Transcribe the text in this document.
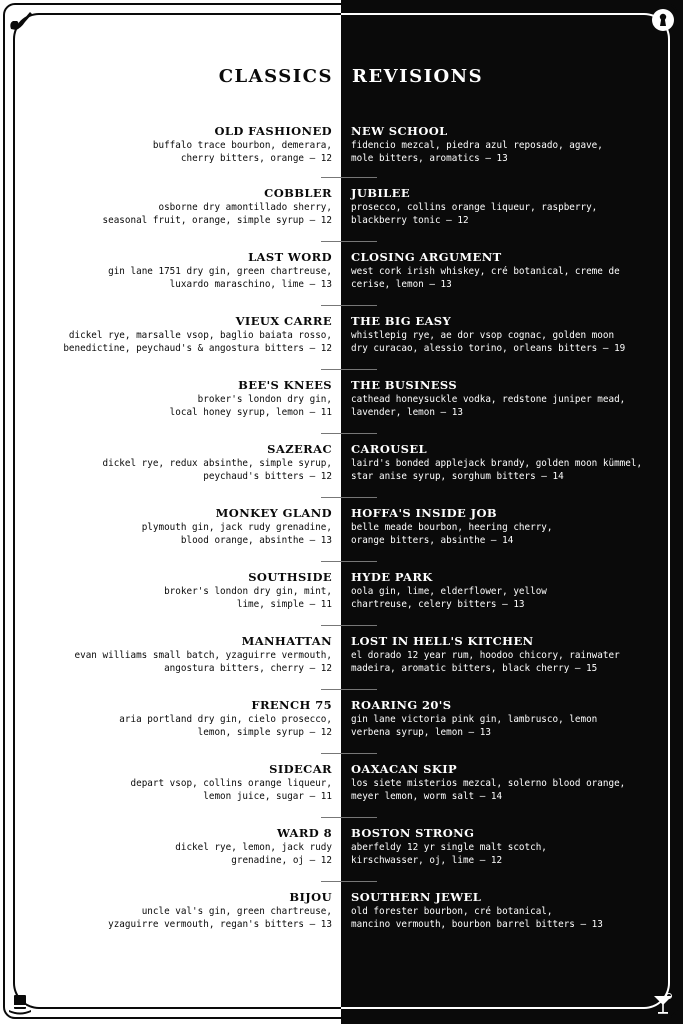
CLASSICS REVISIONS
OLD FASHIONED
buffalo trace bourbon, demerara,
cherry bitters, orange – 12
COBBLER
osborne dry amontillado sherry,
seasonal fruit, orange, simple syrup – 12
LAST WORD
gin lane 1751 dry gin, green chartreuse,
luxardo maraschino, lime – 13
VIEUX CARRE
dickel rye, marsalle vsop, baglio baiata rosso,
benedictine, peychaud's & angostura bitters – 12
BEE'S KNEES
broker's london dry gin,
local honey syrup, lemon – 11
SAZERAC
dickel rye, redux absinthe, simple syrup,
peychaud's bitters – 12
MONKEY GLAND
plymouth gin, jack rudy grenadine,
blood orange, absinthe – 13
SOUTHSIDE
broker's london dry gin, mint,
lime, simple – 11
MANHATTAN
evan williams small batch, yzaguirre vermouth,
angostura bitters, cherry – 12
FRENCH 75
aria portland dry gin, cielo prosecco,
lemon, simple syrup – 12
SIDECAR
depart vsop, collins orange liqueur,
lemon juice, sugar – 11
WARD 8
dickel rye, lemon, jack rudy
grenadine, oj – 12
BIJOU
uncle val's gin, green chartreuse,
yzaguirre vermouth, regan's bitters – 13
NEW SCHOOL
fidencio mezcal, piedra azul reposado, agave,
mole bitters, aromatics – 13
JUBILEE
prosecco, collins orange liqueur, raspberry,
blackberry tonic – 12
CLOSING ARGUMENT
west cork irish whiskey, cré botanical, creme de
cerise, lemon – 13
THE BIG EASY
whistlepig rye, ae dor vsop cognac, golden moon
dry curacao, alessio torino, orleans bitters – 19
THE BUSINESS
cathead honeysuckle vodka, redstone juniper mead,
lavender, lemon – 13
CAROUSEL
laird's bonded applejack brandy, golden moon kümmel,
star anise syrup, sorghum bitters – 14
HOFFA'S INSIDE JOB
belle meade bourbon, heering cherry,
orange bitters, absinthe – 14
HYDE PARK
oola gin, lime, elderflower, yellow
chartreuse, celery bitters – 13
LOST IN HELL'S KITCHEN
el dorado 12 year rum, hoodoo chicory, rainwater
madeira, aromatic bitters, black cherry – 15
ROARING 20'S
gin lane victoria pink gin, lambrusco, lemon
verbena syrup, lemon – 13
OAXACAN SKIP
los siete misterios mezcal, solerno blood orange,
meyer lemon, worm salt – 14
BOSTON STRONG
aberfeldy 12 yr single malt scotch,
kirschwasser, oj, lime – 12
SOUTHERN JEWEL
old forester bourbon, cré botanical,
mancino vermouth, bourbon barrel bitters – 13
